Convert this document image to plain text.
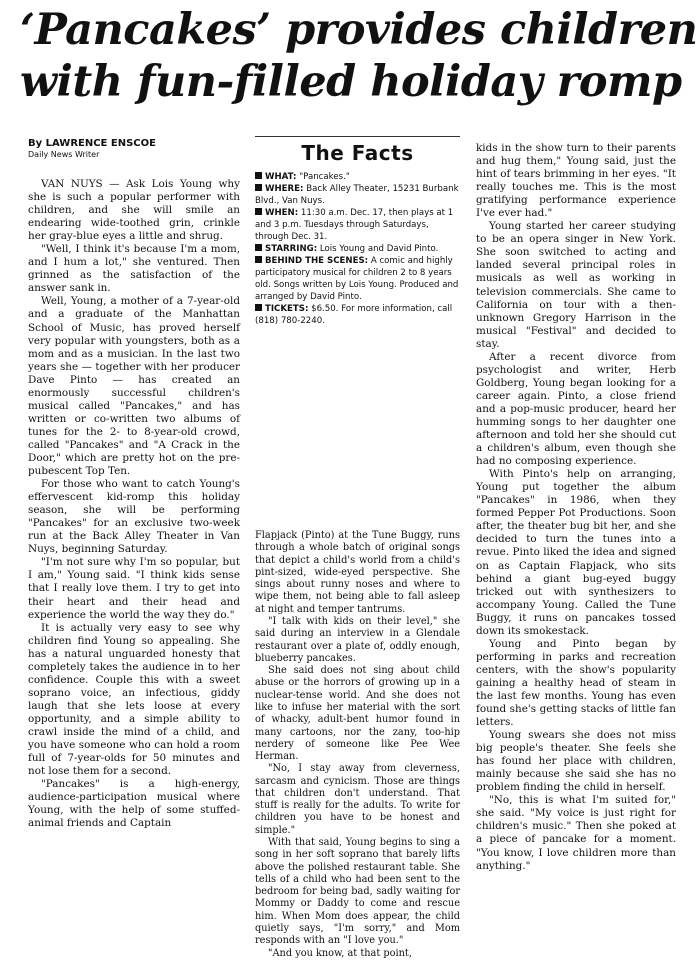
‘Pancakes’ provides children
with fun-filled holiday romp
By LAWRENCE ENSCOE
Daily News Writer	The Facts
WHAT: "Pancakes."
WHERE: Back Alley Theater, 15231 Burbank Blvd., Van Nuys.
WHEN: 11:30 a.m. Dec. 17, then plays at 1 and 3 p.m. Tuesdays through Saturdays, through Dec. 31.
STARRING: Lois Young and David Pinto.
BEHIND THE SCENES: A comic and highly participatory musical for children 2 to 8 years old. Songs written by Lois Young. Produced and arranged by David Pinto.
TICKETS: $6.50. For more information, call (818) 780-2240.

VAN NUYS — Ask Lois Young why she is such a popular performer with children, and she will smile an endearing wide-toothed grin, crinkle her gray-blue eyes a little and shrug.

"Well, I think it's because I'm a mom, and I hum a lot," she ventured. Then grinned as the satisfaction of the answer sank in.

Well, Young, a mother of a 7-year-old and a graduate of the Manhattan School of Music, has proved herself very popular with youngsters, both as a mom and as a musician. In the last two years she — together with her producer Dave Pinto — has created an enormously successful children's musical called "Pancakes," and has written or co-written two albums of tunes for the 2- to 8-year-old crowd, called "Pancakes" and "A Crack in the Door," which are pretty hot on the pre-pubescent Top Ten.

For those who want to catch Young's effervescent kid-romp this holiday season, she will be performing "Pancakes" for an exclusive two-week run at the Back Alley Theater in Van Nuys, beginning Saturday.

"I'm not sure why I'm so popular, but I am," Young said. "I think kids sense that I really love them. I try to get into their heart and their head and experience the world the way they do."

It is actually very easy to see why children find Young so appealing. She has a natural unguarded honesty that completely takes the audience in to her confidence. Couple this with a sweet soprano voice, an infectious, giddy laugh that she lets loose at every opportunity, and a simple ability to crawl inside the mind of a child, and you have someone who can hold a room full of 7-year-olds for 50 minutes and not lose them for a second.

"Pancakes" is a high-energy, audience-participation musical where Young, with the help of some stuffed-animal friends and Captain

Flapjack (Pinto) at the Tune Buggy, runs through a whole batch of original songs that depict a child's world from a child's pint-sized, wide-eyed perspective. She sings about runny noses and where to wipe them, not being able to fall asleep at night and temper tantrums.

"I talk with kids on their level," she said during an interview in a Glendale restaurant over a plate of, oddly enough, blueberry pancakes.

She said does not sing about child abuse or the horrors of growing up in a nuclear-tense world. And she does not like to infuse her material with the sort of whacky, adult-bent humor found in many cartoons, nor the zany, too-hip nerdery of someone like Pee Wee Herman.

"No, I stay away from cleverness, sarcasm and cynicism. Those are things that children don't understand. That stuff is really for the adults. To write for children you have to be honest and simple."

With that said, Young begins to sing a song in her soft soprano that barely lifts above the polished restaurant table. She tells of a child who had been sent to the bedroom for being bad, sadly waiting for Mommy or Daddy to come and rescue him. When Mom does appear, the child quietly says, "I'm sorry," and Mom responds with an "I love you."

"And you know, at that point,

kids in the show turn to their parents and hug them," Young said, just the hint of tears brimming in her eyes. "It really touches me. This is the most gratifying performance experience I've ever had."

Young started her career studying to be an opera singer in New York. She soon switched to acting and landed several principal roles in musicals as well as working in television commercials. She came to California on tour with a then-unknown Gregory Harrison in the musical "Festival" and decided to stay.

After a recent divorce from psychologist and writer, Herb Goldberg, Young began looking for a career again. Pinto, a close friend and a pop-music producer, heard her humming songs to her daughter one afternoon and told her she should cut a children's album, even though she had no composing experience.

With Pinto's help on arranging, Young put together the album "Pancakes" in 1986, when they formed Pepper Pot Productions. Soon after, the theater bug bit her, and she decided to turn the tunes into a revue. Pinto liked the idea and signed on as Captain Flapjack, who sits behind a giant bug-eyed buggy tricked out with synthesizers to accompany Young. Called the Tune Buggy, it runs on pancakes tossed down its smokestack.

Young and Pinto began by performing in parks and recreation centers, with the show's popularity gaining a healthy head of steam in the last few months. Young has even found she's getting stacks of little fan letters.

Young swears she does not miss big people's theater. She feels she has found her place with children, mainly because she said she has no problem finding the child in herself.

"No, this is what I'm suited for," she said. "My voice is just right for children's music." Then she poked at a piece of pancake for a moment. "You know, I love children more than anything."
